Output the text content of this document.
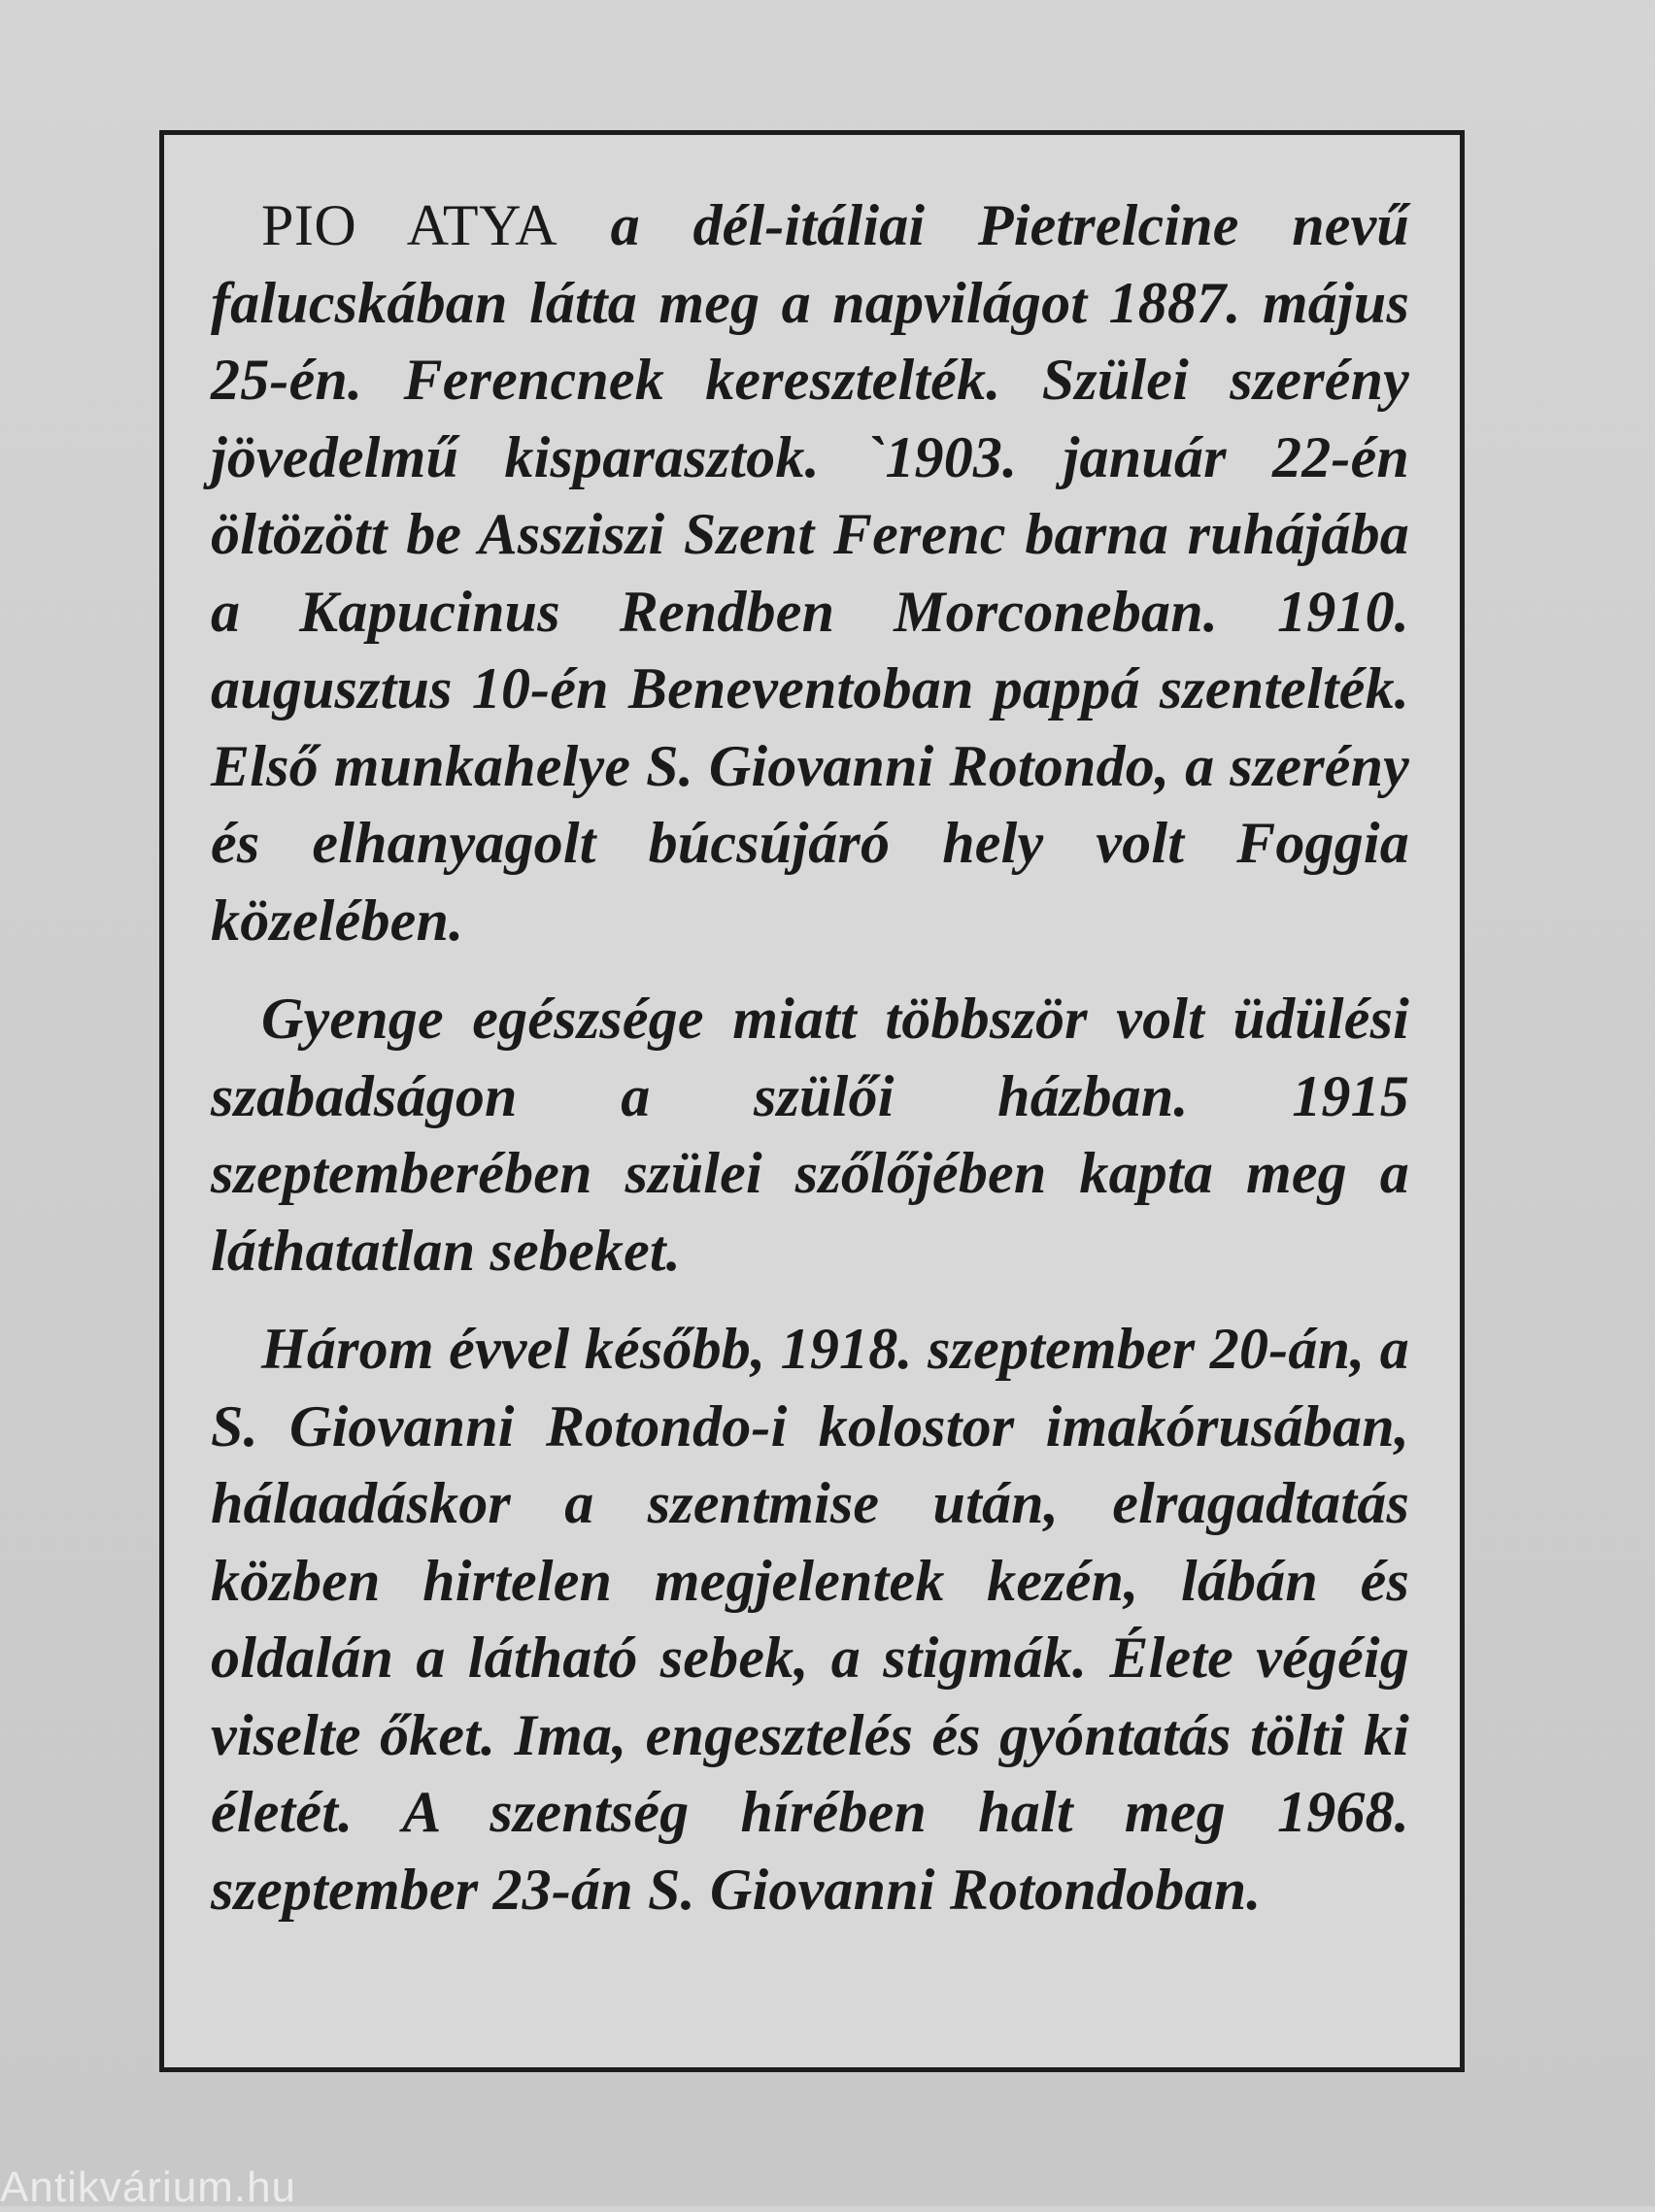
PIO ATYA a dél-itáliai Pietrelcine nevű falucskában látta meg a napvilágot 1887. május 25-én. Ferencnek keresztelték. Szülei szerény jövedelmű kisparasztok. `1903. január 22-én öltözött be Assziszi Szent Ferenc barna ruhájába a Kapucinus Rendben Morconeban. 1910. augusztus 10-én Beneventoban pappá szentelték. Első munkahelye S. Giovanni Rotondo, a szerény és elhanyagolt búcsújáró hely volt Foggia közelében.

Gyenge egészsége miatt többször volt üdülési szabadságon a szülői házban. 1915 szeptemberében szülei szőlőjében kapta meg a láthatatlan sebeket.

Három évvel később, 1918. szeptember 20-án, a S. Giovanni Rotondo-i kolostor imakórusában, hálaadáskor a szentmise után, elragadtatás közben hirtelen megjelentek kezén, lábán és oldalán a látható sebek, a stigmák. Élete végéig viselte őket. Ima, engesztelés és gyóntatás tölti ki életét. A szentség hírében halt meg 1968. szeptember 23-án S. Giovanni Rotondoban.

Antikvárium.hu
